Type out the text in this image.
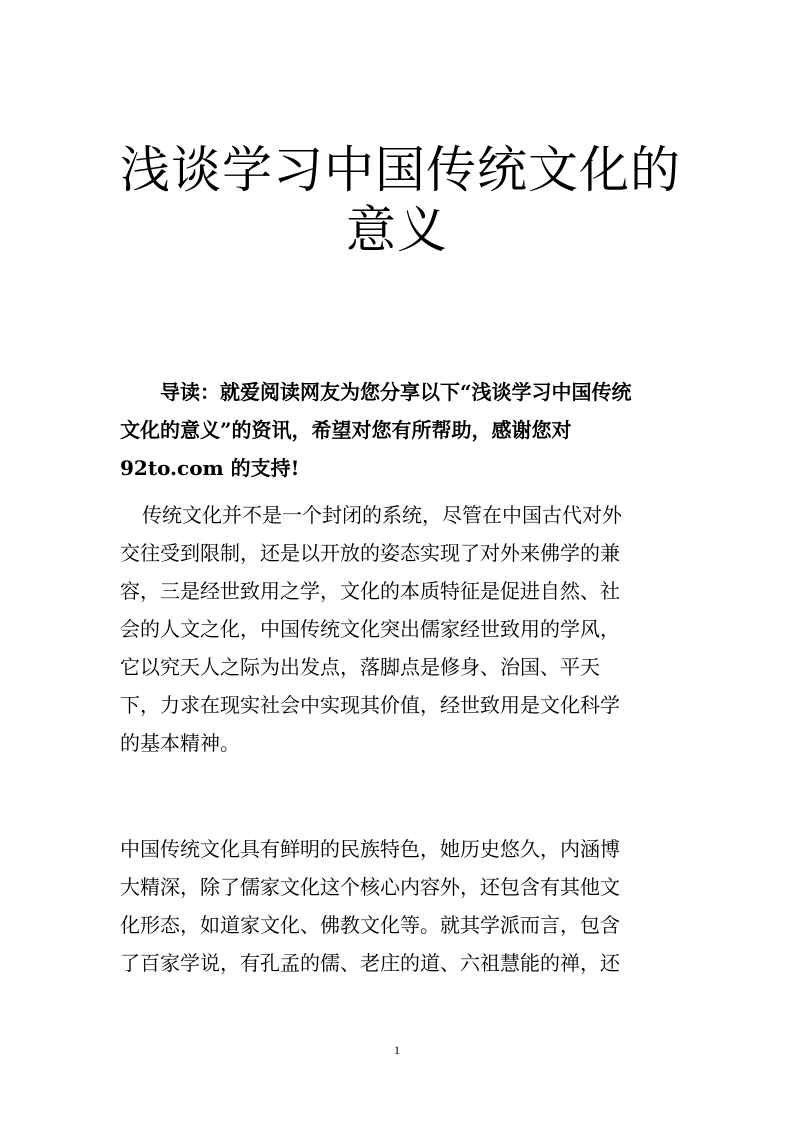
浅谈学习中国传统文化的
意义

导读：就爱阅读网友为您分享以下“浅谈学习中国传统
文化的意义”的资讯，希望对您有所帮助，感谢您对
92to.com 的支持!

传统文化并不是一个封闭的系统，尽管在中国古代对外
交往受到限制，还是以开放的姿态实现了对外来佛学的兼
容，三是经世致用之学，文化的本质特征是促进自然、社
会的人文之化，中国传统文化突出儒家经世致用的学风，
它以究天人之际为出发点，落脚点是修身、治国、平天
下，力求在现实社会中实现其价值，经世致用是文化科学
的基本精神。

中国传统文化具有鲜明的民族特色，她历史悠久，内涵博
大精深，除了儒家文化这个核心内容外，还包含有其他文
化形态，如道家文化、佛教文化等。就其学派而言，包含
了百家学说，有孔孟的儒、老庄的道、六祖慧能的禅，还

1
